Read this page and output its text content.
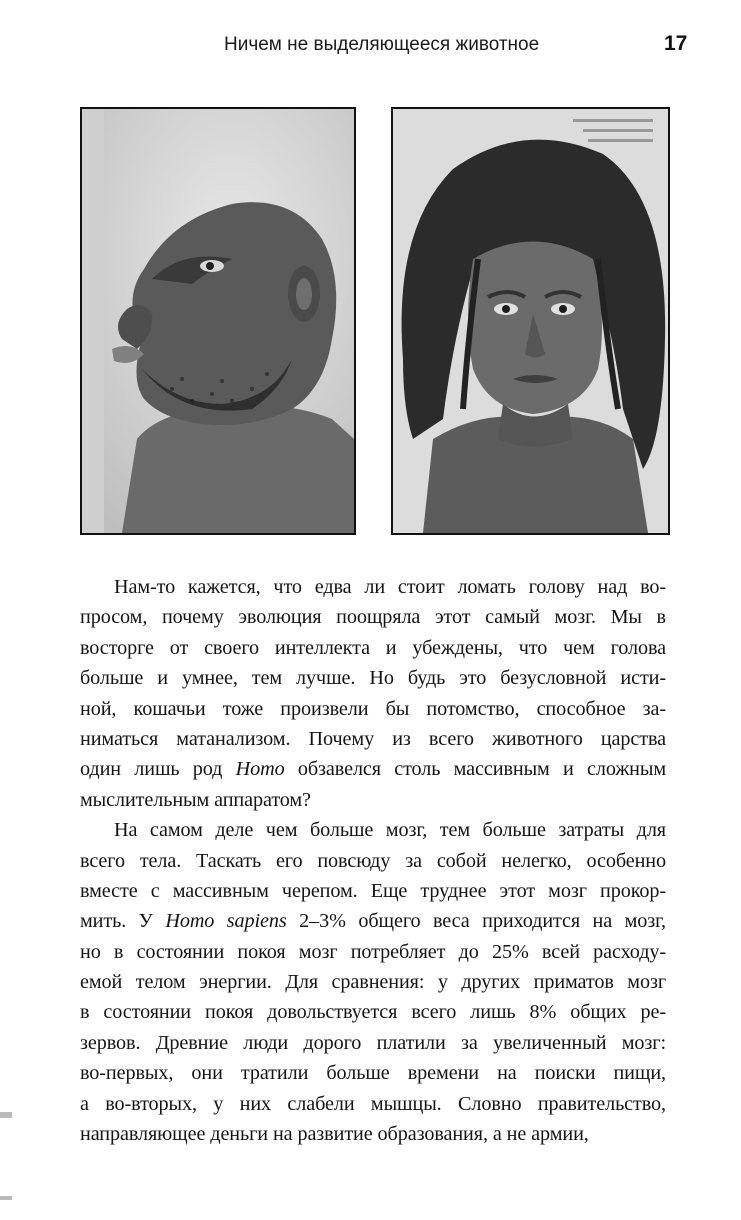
Ничем не выделяющееся животное	17
Нам-то кажется, что едва ли стоит ломать голову над во-
просом, почему эволюция поощряла этот самый мозг. Мы в
восторге от своего интеллекта и убеждены, что чем голова
больше и умнее, тем лучше. Но будь это безусловной исти-
ной, кошачьи тоже произвели бы потомство, способное за-
ниматься матанализом. Почему из всего животного царства
один лишь род Homo обзавелся столь массивным и сложным
мыслительным аппаратом?
На самом деле чем больше мозг, тем больше затраты для
всего тела. Таскать его повсюду за собой нелегко, особенно
вместе с массивным черепом. Еще труднее этот мозг прокор-
мить. У Homo sapiens 2–3% общего веса приходится на мозг,
но в состоянии покоя мозг потребляет до 25% всей расходу-
емой телом энергии. Для сравнения: у других приматов мозг
в состоянии покоя довольствуется всего лишь 8% общих ре-
зервов. Древние люди дорого платили за увеличенный мозг:
во-первых, они тратили больше времени на поиски пищи,
а во-вторых, у них слабели мышцы. Словно правительство,
направляющее деньги на развитие образования, а не армии,
